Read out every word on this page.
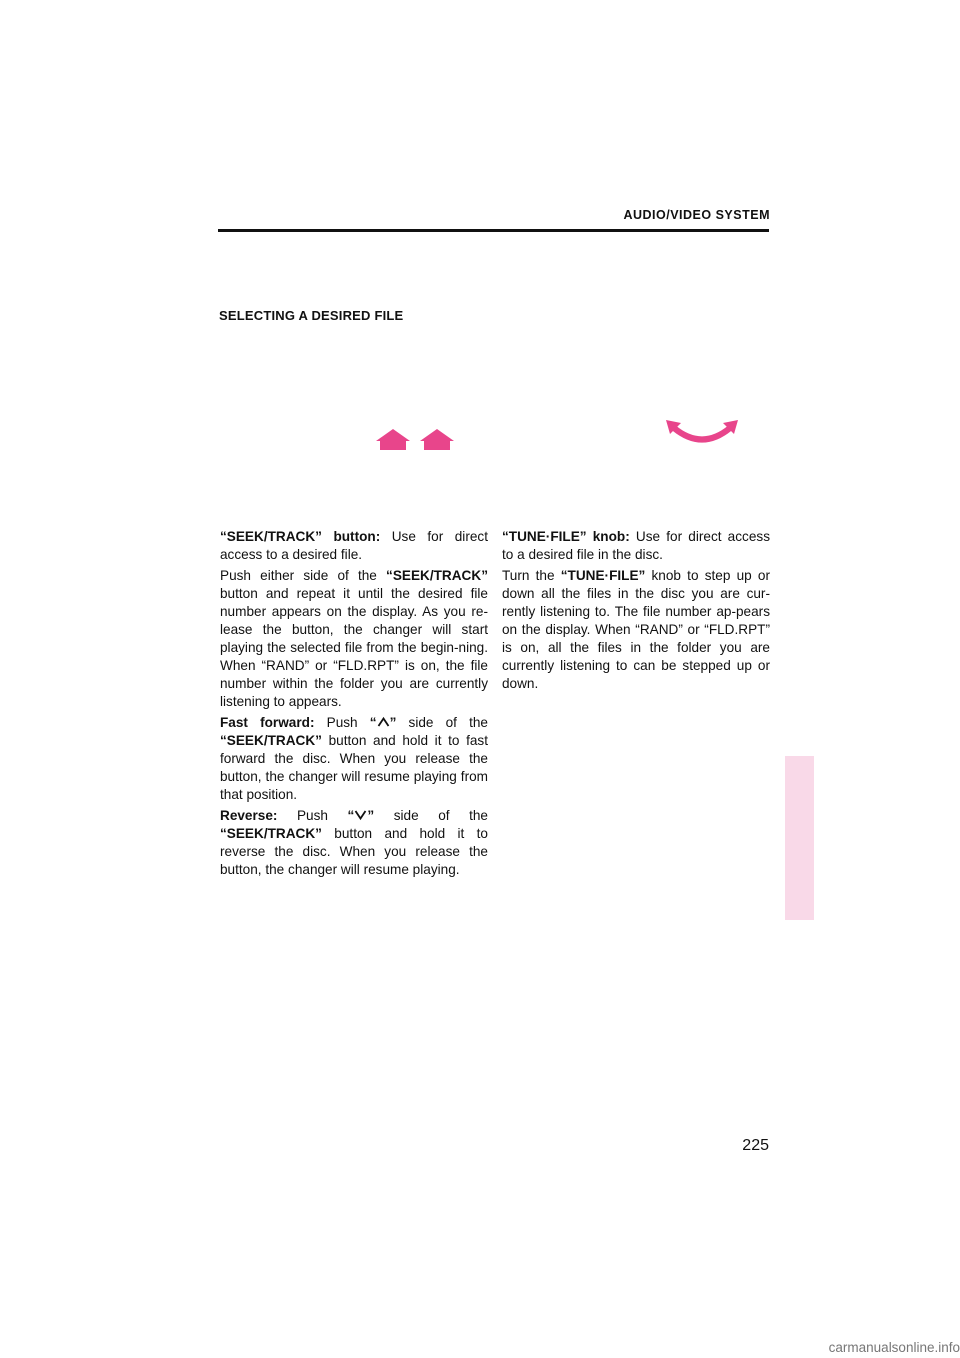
AUDIO/VIDEO SYSTEM
SELECTING A DESIRED FILE

“SEEK/TRACK” button: Use for direct access to a desired file.

Push either side of the “SEEK/TRACK” button and repeat it until the desired file number appears on the display. As you re-lease the button, the changer will start playing the selected file from the begin-ning. When “RAND” or “FLD.RPT” is on, the file number within the folder you are currently listening to appears.

Fast forward: Push “ ” side of the “SEEK/TRACK” button and hold it to fast forward the disc. When you release the button, the changer will resume playing from that position.

Reverse: Push “ ” side of the “SEEK/TRACK” button and hold it to reverse the disc. When you release the button, the changer will resume playing.

“TUNE·FILE” knob: Use for direct access to a desired file in the disc.

Turn the “TUNE·FILE” knob to step up or down all the files in the disc you are cur-rently listening to. The file number ap-pears on the display. When “RAND” or “FLD.RPT” is on, all the files in the folder you are currently listening to can be stepped up or down.

225
carmanualsonline.info
